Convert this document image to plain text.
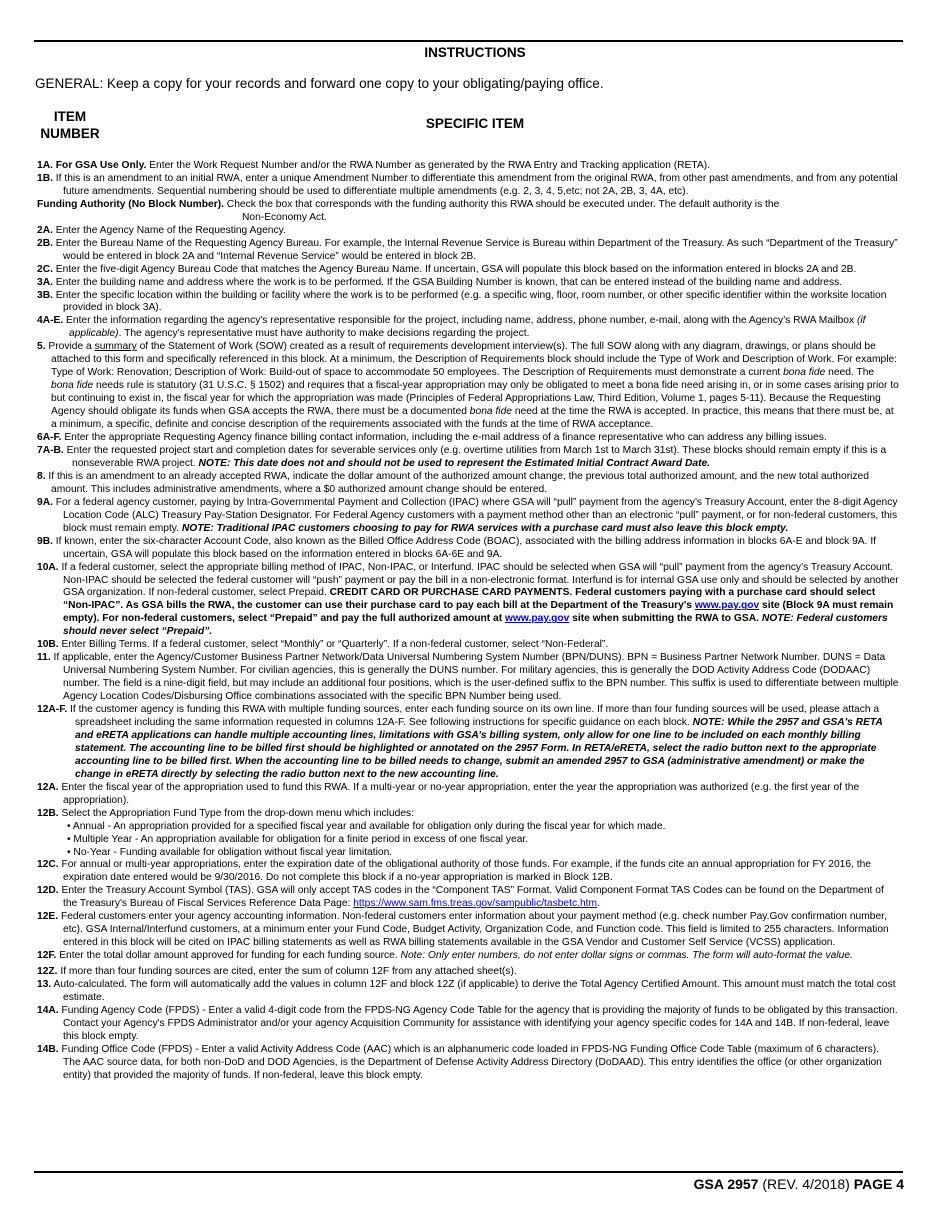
INSTRUCTIONS
GENERAL: Keep a copy for your records and forward one copy to your obligating/paying office.
ITEM
NUMBER
SPECIFIC ITEM

1A. For GSA Use Only. Enter the Work Request Number and/or the RWA Number as generated by the RWA Entry and Tracking application (RETA).

1B. If this is an amendment to an initial RWA, enter a unique Amendment Number to differentiate this amendment from the original RWA, from other past amendments, and from any potential future amendments. Sequential numbering should be used to differentiate multiple amendments (e.g. 2, 3, 4, 5,etc; not 2A, 2B, 3, 4A, etc).

Funding Authority (No Block Number). Check the box that corresponds with the funding authority this RWA should be executed under. The default authority is the
Non-Economy Act.

2A. Enter the Agency Name of the Requesting Agency.

2B. Enter the Bureau Name of the Requesting Agency Bureau. For example, the Internal Revenue Service is Bureau within Department of the Treasury. As such “Department of the Treasury” would be entered in block 2A and “Internal Revenue Service” would be entered in block 2B.

2C. Enter the five-digit Agency Bureau Code that matches the Agency Bureau Name. If uncertain, GSA will populate this block based on the information entered in blocks 2A and 2B.

3A. Enter the building name and address where the work is to be performed. If the GSA Building Number is known, that can be entered instead of the building name and address.

3B. Enter the specific location within the building or facility where the work is to be performed (e.g. a specific wing, floor, room number, or other specific identifier within the worksite location provided in block 3A).

4A-E. Enter the information regarding the agency's representative responsible for the project, including name, address, phone number, e-mail, along with the Agency’s RWA Mailbox (if applicable). The agency's representative must have authority to make decisions regarding the project.

5. Provide a summary of the Statement of Work (SOW) created as a result of requirements development interview(s). The full SOW along with any diagram, drawings, or plans should be attached to this form and specifically referenced in this block. At a minimum, the Description of Requirements block should include the Type of Work and Description of Work. For example: Type of Work: Renovation; Description of Work: Build-out of space to accommodate 50 employees. The Description of Requirements must demonstrate a current bona fide need. The bona fide needs rule is statutory (31 U.S.C. § 1502) and requires that a fiscal-year appropriation may only be obligated to meet a bona fide need arising in, or in some cases arising prior to but continuing to exist in, the fiscal year for which the appropriation was made (Principles of Federal Appropriations Law, Third Edition, Volume 1, pages 5-11). Because the Requesting Agency should obligate its funds when GSA accepts the RWA, there must be a documented bona fide need at the time the RWA is accepted. In practice, this means that there must be, at a minimum, a specific, definite and concise description of the requirements associated with the funds at the time of RWA acceptance.

6A-F. Enter the appropriate Requesting Agency finance billing contact information, including the e-mail address of a finance representative who can address any billing issues.

7A-B. Enter the requested project start and completion dates for severable services only (e.g. overtime utilities from March 1st to March 31st). These blocks should remain empty if this is a nonseverable RWA project. NOTE: This date does not and should not be used to represent the Estimated Initial Contract Award Date.

8. If this is an amendment to an already accepted RWA, indicate the dollar amount of the authorized amount change, the previous total authorized amount, and the new total authorized amount. This includes administrative amendments, where a $0 authorized amount change should be entered.

9A. For a federal agency customer, paying by Intra-Governmental Payment and Collection (IPAC) where GSA will “pull” payment from the agency’s Treasury Account, enter the 8-digit Agency Location Code (ALC) Treasury Pay-Station Designator. For Federal Agency customers with a payment method other than an electronic “pull” payment, or for non-federal customers, this block must remain empty. NOTE: Traditional IPAC customers choosing to pay for RWA services with a purchase card must also leave this block empty.

9B. If known, enter the six-character Account Code, also known as the Billed Office Address Code (BOAC), associated with the billing address information in blocks 6A-E and block 9A. If uncertain, GSA will populate this block based on the information entered in blocks 6A-6E and 9A.

10A. If a federal customer, select the appropriate billing method of IPAC, Non-IPAC, or Interfund. IPAC should be selected when GSA will “pull” payment from the agency’s Treasury Account. Non-IPAC should be selected the federal customer will “push” payment or pay the bill in a non-electronic format. Interfund is for internal GSA use only and should be selected by another GSA organization. If non-federal customer, select Prepaid. CREDIT CARD OR PURCHASE CARD PAYMENTS. Federal customers paying with a purchase card should select “Non-IPAC”. As GSA bills the RWA, the customer can use their purchase card to pay each bill at the Department of the Treasury's www.pay.gov site (Block 9A must remain empty). For non-federal customers, select “Prepaid” and pay the full authorized amount at www.pay.gov site when submitting the RWA to GSA. NOTE: Federal customers should never select “Prepaid”.

10B. Enter Billing Terms. If a federal customer, select “Monthly” or “Quarterly”. If a non-federal customer, select “Non-Federal”.

11. If applicable, enter the Agency/Customer Business Partner Network/Data Universal Numbering System Number (BPN/DUNS). BPN = Business Partner Network Number. DUNS = Data Universal Numbering System Number. For civilian agencies, this is generally the DUNS number. For military agencies, this is generally the DOD Activity Address Code (DODAAC) number. The field is a nine-digit field, but may include an additional four positions, which is the user-defined suffix to the BPN number. This suffix is used to differentiate between multiple Agency Location Codes/Disbursing Office combinations associated with the specific BPN Number being used.

12A-F. If the customer agency is funding this RWA with multiple funding sources, enter each funding source on its own line. If more than four funding sources will be used, please attach a spreadsheet including the same information requested in columns 12A-F. See following instructions for specific guidance on each block. NOTE: While the 2957 and GSA's RETA and eRETA applications can handle multiple accounting lines, limitations with GSA’s billing system, only allow for one line to be included on each monthly billing statement. The accounting line to be billed first should be highlighted or annotated on the 2957 Form. In RETA/eRETA, select the radio button next to the appropriate accounting line to be billed first. When the accounting line to be billed needs to change, submit an amended 2957 to GSA (administrative amendment) or make the change in eRETA directly by selecting the radio button next to the new accounting line.

12A. Enter the fiscal year of the appropriation used to fund this RWA. If a multi-year or no-year appropriation, enter the year the appropriation was authorized (e.g. the first year of the appropriation).

12B. Select the Appropriation Fund Type from the drop-down menu which includes:

• Annual - An appropriation provided for a specified fiscal year and available for obligation only during the fiscal year for which made.

• Multiple Year - An appropriation available for obligation for a finite period in excess of one fiscal year.

• No-Year - Funding available for obligation without fiscal year limitation.

12C. For annual or multi-year appropriations, enter the expiration date of the obligational authority of those funds. For example, if the funds cite an annual appropriation for FY 2016, the expiration date entered would be 9/30/2016. Do not complete this block if a no-year appropriation is marked in Block 12B.

12D. Enter the Treasury Account Symbol (TAS). GSA will only accept TAS codes in the “Component TAS” Format. Valid Component Format TAS Codes can be found on the Department of the Treasury's Bureau of Fiscal Services Reference Data Page: https://www.sam.fms.treas.gov/sampublic/tasbetc.htm.

12E. Federal customers enter your agency accounting information. Non-federal customers enter information about your payment method (e.g. check number Pay.Gov confirmation number, etc). GSA Internal/Interfund customers, at a minimum enter your Fund Code, Budget Activity, Organization Code, and Function code. This field is limited to 255 characters. Information entered in this block will be cited on IPAC billing statements as well as RWA billing statements available in the GSA Vendor and Customer Self Service (VCSS) application.

12F. Enter the total dollar amount approved for funding for each funding source. Note: Only enter numbers, do not enter dollar signs or commas. The form will auto-format the value.

12Z. If more than four funding sources are cited, enter the sum of column 12F from any attached sheet(s).

13. Auto-calculated. The form will automatically add the values in column 12F and block 12Z (if applicable) to derive the Total Agency Certified Amount. This amount must match the total cost estimate.

14A. Funding Agency Code (FPDS) - Enter a valid 4-digit code from the FPDS-NG Agency Code Table for the agency that is providing the majority of funds to be obligated by this transaction. Contact your Agency's FPDS Administrator and/or your agency Acquisition Community for assistance with identifying your agency specific codes for 14A and 14B. If non-federal, leave this block empty.

14B. Funding Office Code (FPDS) - Enter a valid Activity Address Code (AAC) which is an alphanumeric code loaded in FPDS-NG Funding Office Code Table (maximum of 6 characters). The AAC source data, for both non-DoD and DOD Agencies, is the Department of Defense Activity Address Directory (DoDAAD). This entry identifies the office (or other organization entity) that provided the majority of funds. If non-federal, leave this block empty.

GSA 2957 (REV. 4/2018) PAGE 4
